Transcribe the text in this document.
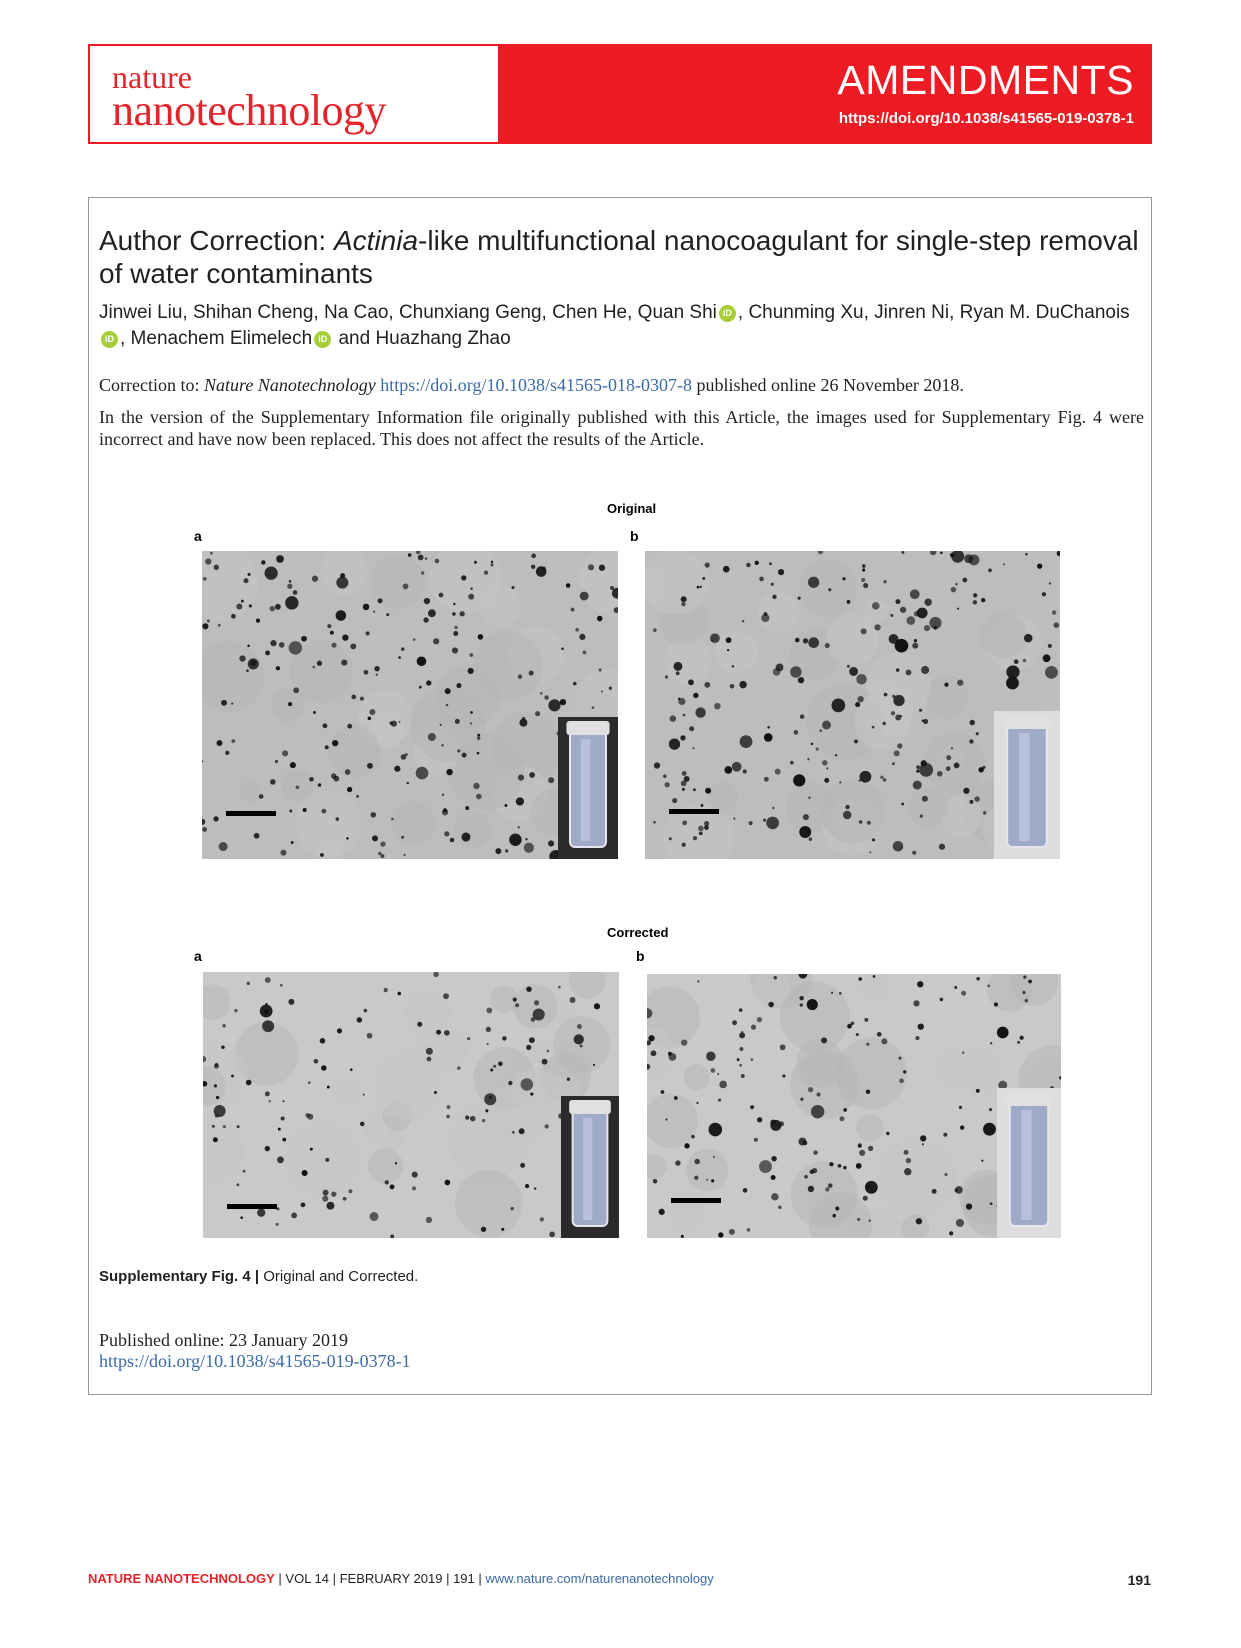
nature
nanotechnology
AMENDMENTS
https://doi.org/10.1038/s41565-019-0378-1
Author Correction: Actinia-like multifunctional nanocoagulant for single-step removal of water contaminants
Jinwei Liu, Shihan Cheng, Na Cao, Chunxiang Geng, Chen He, Quan Shi iD , Chunming Xu, Jinren Ni, Ryan M. DuChanoisiD , Menachem Elimelech iD and Huazhang Zhao
Correction to: Nature Nanotechnology https://doi.org/10.1038/s41565-018-0307-8 published online 26 November 2018.
In the version of the Supplementary Information file originally published with this Article, the images used for Supplementary Fig. 4 were incorrect and have now been replaced. This does not affect the results of the Article.
Original
a	b
Corrected
a	b
Supplementary Fig. 4 | Original and Corrected.
Published online: 23 January 2019
https://doi.org/10.1038/s41565-019-0378-1
NATURE NANOTECHNOLOGY | VOL 14 | FEBRUARY 2019 | 191 | www.nature.com/naturenanotechnology	191
